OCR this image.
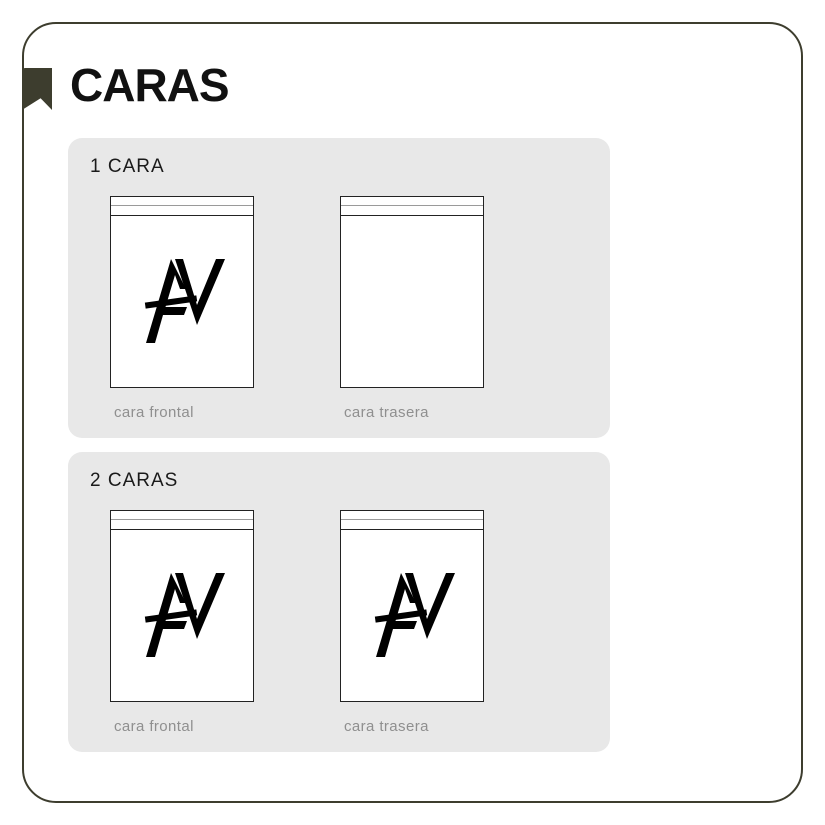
CARAS
1 CARA
cara frontal	cara trasera
2 CARAS
cara frontal	cara trasera
